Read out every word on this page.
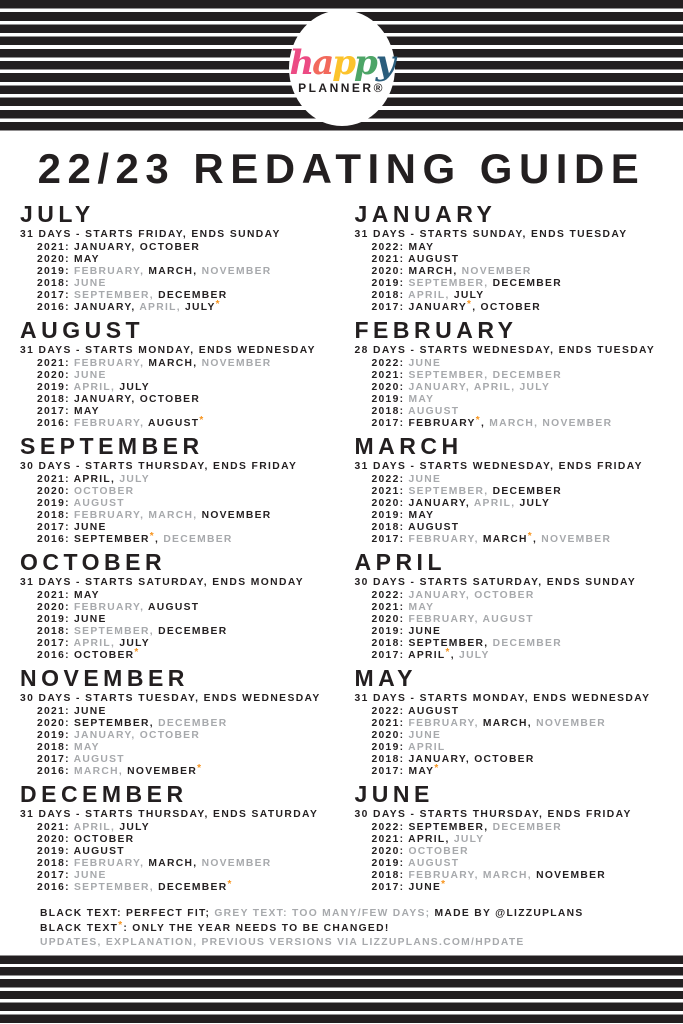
happy
PLANNER®
22/23 REDATING GUIDE
JULY

31 DAYS - STARTS FRIDAY, ENDS SUNDAY

2021: JANUARY, OCTOBER
2020: MAY
2019: FEBRUARY, MARCH, NOVEMBER
2018: JUNE
2017: SEPTEMBER, DECEMBER
2016: JANUARY, APRIL, JULY*
AUGUST

31 DAYS - STARTS MONDAY, ENDS WEDNESDAY

2021: FEBRUARY, MARCH, NOVEMBER
2020: JUNE
2019: APRIL, JULY
2018: JANUARY, OCTOBER
2017: MAY
2016: FEBRUARY, AUGUST*
SEPTEMBER

30 DAYS - STARTS THURSDAY, ENDS FRIDAY

2021: APRIL, JULY
2020: OCTOBER
2019: AUGUST
2018: FEBRUARY, MARCH, NOVEMBER
2017: JUNE
2016: SEPTEMBER*, DECEMBER
OCTOBER

31 DAYS - STARTS SATURDAY, ENDS MONDAY

2021: MAY
2020: FEBRUARY, AUGUST
2019: JUNE
2018: SEPTEMBER, DECEMBER
2017: APRIL, JULY
2016: OCTOBER*
NOVEMBER

30 DAYS - STARTS TUESDAY, ENDS WEDNESDAY

2021: JUNE
2020: SEPTEMBER, DECEMBER
2019: JANUARY, OCTOBER
2018: MAY
2017: AUGUST
2016: MARCH, NOVEMBER*
DECEMBER

31 DAYS - STARTS THURSDAY, ENDS SATURDAY

2021: APRIL, JULY
2020: OCTOBER
2019: AUGUST
2018: FEBRUARY, MARCH, NOVEMBER
2017: JUNE
2016: SEPTEMBER, DECEMBER*
JANUARY

31 DAYS - STARTS SUNDAY, ENDS TUESDAY

2022: MAY
2021: AUGUST
2020: MARCH, NOVEMBER
2019: SEPTEMBER, DECEMBER
2018: APRIL, JULY
2017: JANUARY*, OCTOBER
FEBRUARY

28 DAYS - STARTS WEDNESDAY, ENDS TUESDAY

2022: JUNE
2021: SEPTEMBER, DECEMBER
2020: JANUARY, APRIL, JULY
2019: MAY
2018: AUGUST
2017: FEBRUARY*, MARCH, NOVEMBER
MARCH

31 DAYS - STARTS WEDNESDAY, ENDS FRIDAY

2022: JUNE
2021: SEPTEMBER, DECEMBER
2020: JANUARY, APRIL, JULY
2019: MAY
2018: AUGUST
2017: FEBRUARY, MARCH*, NOVEMBER
APRIL

30 DAYS - STARTS SATURDAY, ENDS SUNDAY

2022: JANUARY, OCTOBER
2021: MAY
2020: FEBRUARY, AUGUST
2019: JUNE
2018: SEPTEMBER, DECEMBER
2017: APRIL*, JULY
MAY

31 DAYS - STARTS MONDAY, ENDS WEDNESDAY

2022: AUGUST
2021: FEBRUARY, MARCH, NOVEMBER
2020: JUNE
2019: APRIL
2018: JANUARY, OCTOBER
2017: MAY*
JUNE

30 DAYS - STARTS THURSDAY, ENDS FRIDAY

2022: SEPTEMBER, DECEMBER
2021: APRIL, JULY
2020: OCTOBER
2019: AUGUST
2018: FEBRUARY, MARCH, NOVEMBER
2017: JUNE*
BLACK TEXT: PERFECT FIT; GREY TEXT: TOO MANY/FEW DAYS; MADE BY @LIZZUPLANS
BLACK TEXT*: ONLY THE YEAR NEEDS TO BE CHANGED!
UPDATES, EXPLANATION, PREVIOUS VERSIONS VIA LIZZUPLANS.COM/HPDATE
